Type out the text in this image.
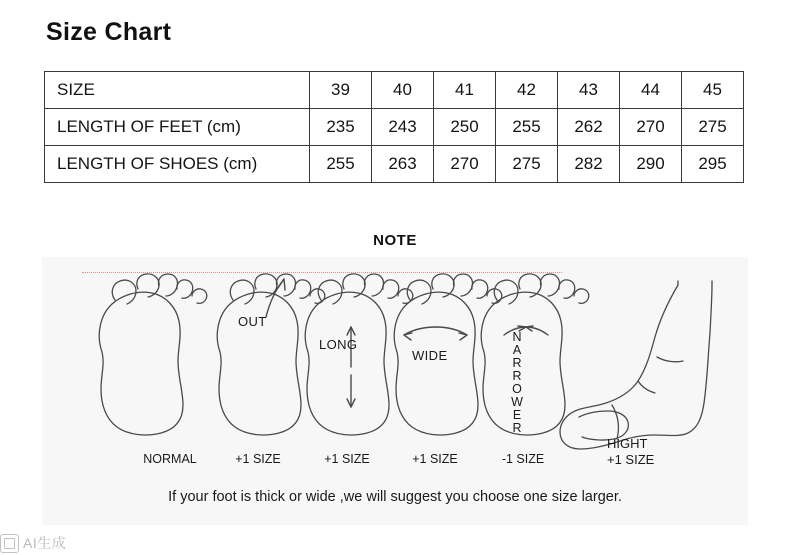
Size Chart
SIZE	39	40	41	42	43	44	45
LENGTH OF FEET (cm)	235	243	250	255	262	270	275
LENGTH OF SHOES (cm)	255	263	270	275	282	290	295
NOTE
OUT
LONG
WIDE
NARROWER
NORMAL	+1 SIZE	+1 SIZE	+1 SIZE	-1 SIZE
HIGHT
+1 SIZE
If your foot is thick or wide ,we will suggest you choose one size larger.
AI生成
